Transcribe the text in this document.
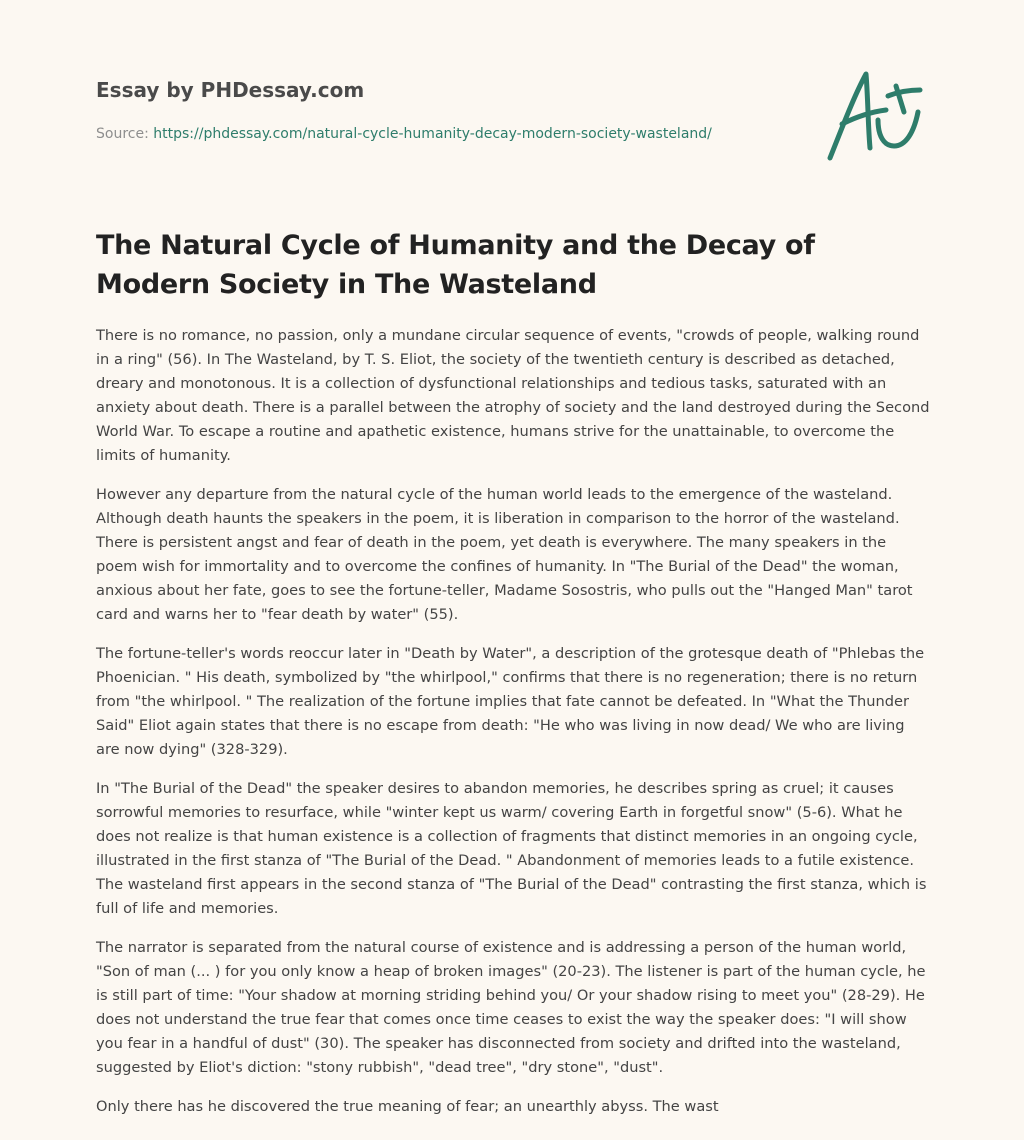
Essay by PHDessay.com
Source: https://phdessay.com/natural-cycle-humanity-decay-modern-society-wasteland/
The Natural Cycle of Humanity and the Decay of Modern Society in The Wasteland

There is no romance, no passion, only a mundane circular sequence of events, "crowds of people, walking round in a ring" (56). In The Wasteland, by T. S. Eliot, the society of the twentieth century is described as detached, dreary and monotonous. It is a collection of dysfunctional relationships and tedious tasks, saturated with an anxiety about death. There is a parallel between the atrophy of society and the land destroyed during the Second World War. To escape a routine and apathetic existence, humans strive for the unattainable, to overcome the limits of humanity.

However any departure from the natural cycle of the human world leads to the emergence of the wasteland. Although death haunts the speakers in the poem, it is liberation in comparison to the horror of the wasteland. There is persistent angst and fear of death in the poem, yet death is everywhere. The many speakers in the poem wish for immortality and to overcome the confines of humanity. In "The Burial of the Dead" the woman, anxious about her fate, goes to see the fortune-teller, Madame Sosostris, who pulls out the "Hanged Man" tarot card and warns her to "fear death by water" (55).

The fortune-teller's words reoccur later in "Death by Water", a description of the grotesque death of "Phlebas the Phoenician. " His death, symbolized by "the whirlpool," confirms that there is no regeneration; there is no return from "the whirlpool. " The realization of the fortune implies that fate cannot be defeated. In "What the Thunder Said" Eliot again states that there is no escape from death: "He who was living in now dead/ We who are living are now dying" (328-329).

In "The Burial of the Dead" the speaker desires to abandon memories, he describes spring as cruel; it causes sorrowful memories to resurface, while "winter kept us warm/ covering Earth in forgetful snow" (5-6). What he does not realize is that human existence is a collection of fragments that distinct memories in an ongoing cycle, illustrated in the first stanza of "The Burial of the Dead. " Abandonment of memories leads to a futile existence. The wasteland first appears in the second stanza of "The Burial of the Dead" contrasting the first stanza, which is full of life and memories.

The narrator is separated from the natural course of existence and is addressing a person of the human world, "Son of man (... ) for you only know a heap of broken images" (20-23). The listener is part of the human cycle, he is still part of time: "Your shadow at morning striding behind you/ Or your shadow rising to meet you" (28-29). He does not understand the true fear that comes once time ceases to exist the way the speaker does: "I will show you fear in a handful of dust" (30). The speaker has disconnected from society and drifted into the wasteland, suggested by Eliot's diction: "stony rubbish", "dead tree", "dry stone", "dust".

Only there has he discovered the true meaning of fear; an unearthly abyss. The wast
